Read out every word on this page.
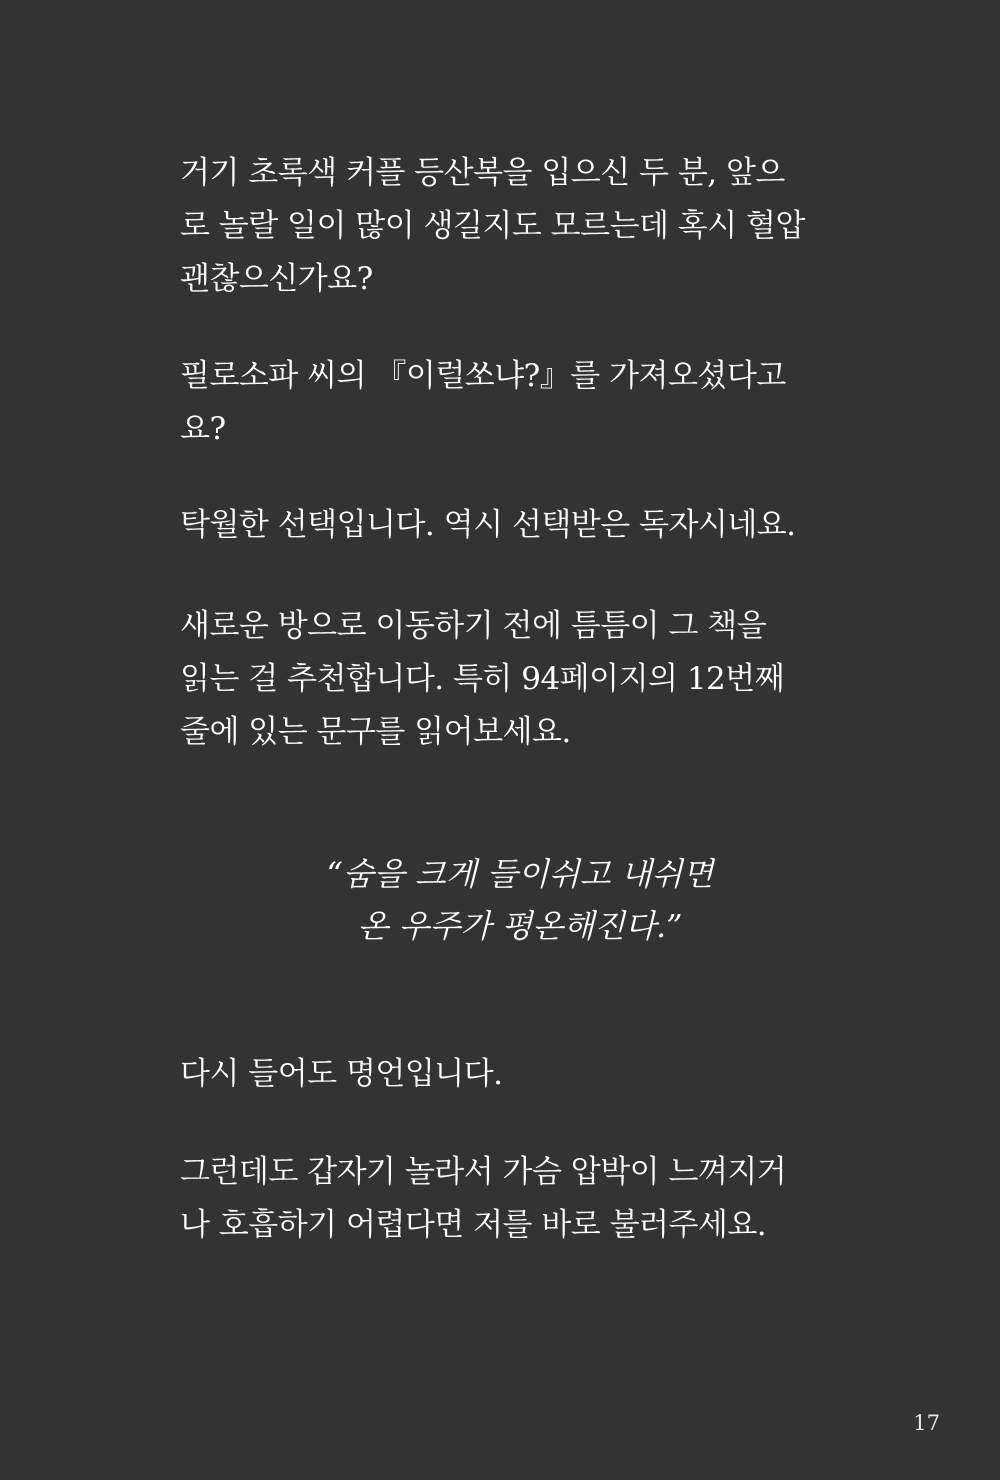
거기 초록색 커플 등산복을 입으신 두 분, 앞으
로 놀랄 일이 많이 생길지도 모르는데 혹시 혈압
괜찮으신가요?

필로소파 씨의 『이럴쏘냐?』를 가져오셨다고
요?

탁월한 선택입니다. 역시 선택받은 독자시네요.

새로운 방으로 이동하기 전에 틈틈이 그 책을
읽는 걸 추천합니다. 특히 94페이지의 12번째
줄에 있는 문구를 읽어보세요.

“숨을 크게 들이쉬고 내쉬면
온 우주가 평온해진다.”

다시 들어도 명언입니다.

그런데도 갑자기 놀라서 가슴 압박이 느껴지거
나 호흡하기 어렵다면 저를 바로 불러주세요.

17
